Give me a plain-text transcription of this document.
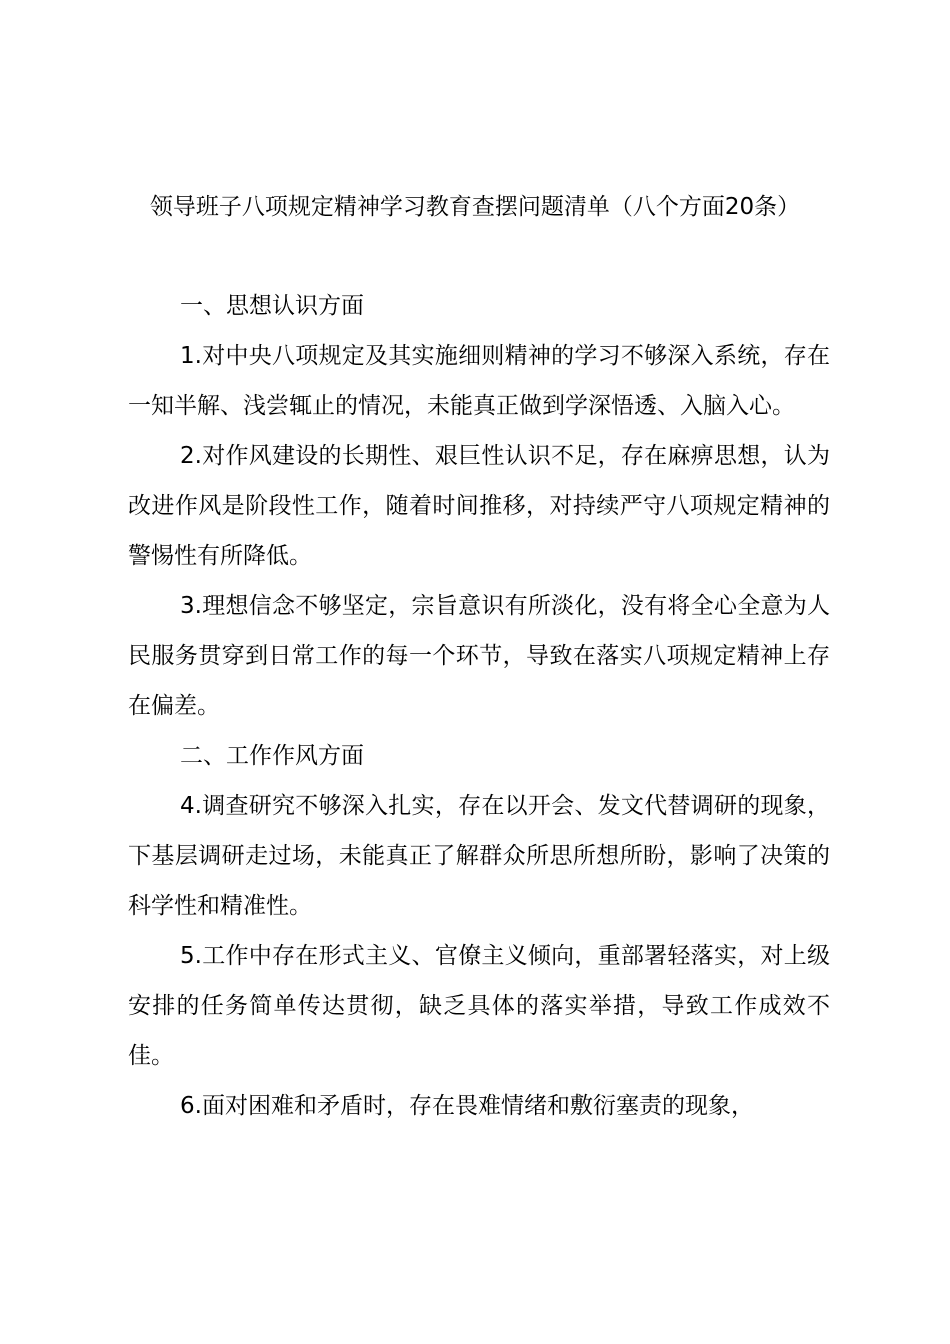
领导班子八项规定精神学习教育查摆问题清单（八个方面20条）

一、思想认识方面

1.对中央八项规定及其实施细则精神的学习不够深入系统，存在一知半解、浅尝辄止的情况，未能真正做到学深悟透、入脑入心。

2.对作风建设的长期性、艰巨性认识不足，存在麻痹思想，认为改进作风是阶段性工作，随着时间推移，对持续严守八项规定精神的警惕性有所降低。

3.理想信念不够坚定，宗旨意识有所淡化，没有将全心全意为人民服务贯穿到日常工作的每一个环节，导致在落实八项规定精神上存在偏差。

二、工作作风方面

4.调查研究不够深入扎实，存在以开会、发文代替调研的现象，下基层调研走过场，未能真正了解群众所思所想所盼，影响了决策的科学性和精准性。

5.工作中存在形式主义、官僚主义倾向，重部署轻落实，对上级安排的任务简单传达贯彻，缺乏具体的落实举措，导致工作成效不佳。

6.面对困难和矛盾时，存在畏难情绪和敷衍塞责的现象，
